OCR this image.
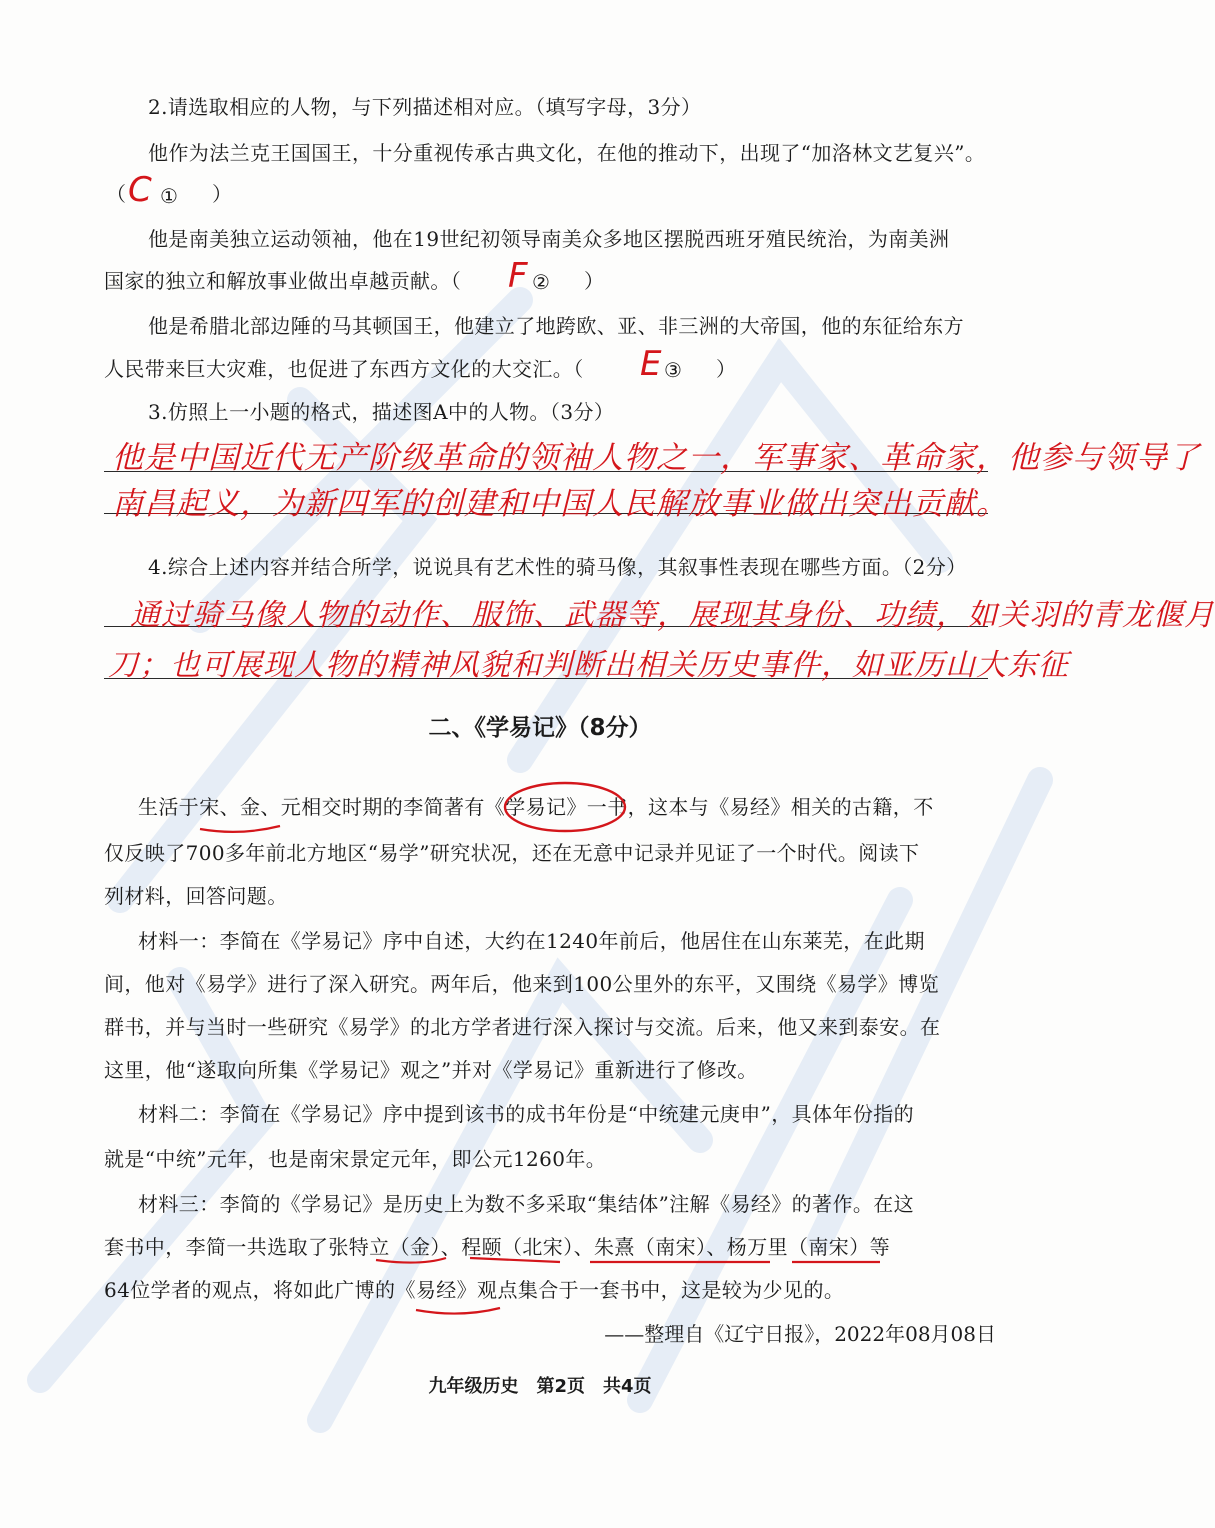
2.请选取相应的人物，与下列描述相对应。（填写字母，3分）
他作为法兰克王国国王，十分重视传承古典文化，在他的推动下，出现了“加洛林文艺复兴”。
（ C ① ）
他是南美独立运动领袖，他在19世纪初领导南美众多地区摆脱西班牙殖民统治，为南美洲
国家的独立和解放事业做出卓越贡献。（ F ② ）
他是希腊北部边陲的马其顿国王，他建立了地跨欧、亚、非三洲的大帝国，他的东征给东方
人民带来巨大灾难，也促进了东西方文化的大交汇。（ E ③ ）
3.仿照上一小题的格式，描述图A中的人物。（3分）
他是中国近代无产阶级革命的领袖人物之一，军事家、革命家，他参与领导了
南昌起义，为新四军的创建和中国人民解放事业做出突出贡献。
4.综合上述内容并结合所学，说说具有艺术性的骑马像，其叙事性表现在哪些方面。（2分）
通过骑马像人物的动作、服饰、武器等，展现其身份、功绩，如关羽的青龙偃月
刀；也可展现人物的精神风貌和判断出相关历史事件，如亚历山大东征
二、《学易记》（8分）
生活于宋、金、元相交时期的李简著有《学易记》一书，这本与《易经》相关的古籍，不
仅反映了700多年前北方地区“易学”研究状况，还在无意中记录并见证了一个时代。阅读下
列材料，回答问题。
材料一：李简在《学易记》序中自述，大约在1240年前后，他居住在山东莱芜，在此期
间，他对《易学》进行了深入研究。两年后，他来到100公里外的东平，又围绕《易学》博览
群书，并与当时一些研究《易学》的北方学者进行深入探讨与交流。后来，他又来到泰安。在
这里，他“遂取向所集《学易记》观之”并对《学易记》重新进行了修改。
材料二：李简在《学易记》序中提到该书的成书年份是“中统建元庚申”，具体年份指的
就是“中统”元年，也是南宋景定元年，即公元1260年。
材料三：李简的《学易记》是历史上为数不多采取“集结体”注解《易经》的著作。在这
套书中，李简一共选取了张特立（金）、程颐（北宋）、朱熹（南宋）、杨万里（南宋）等
64位学者的观点，将如此广博的《易经》观点集合于一套书中，这是较为少见的。
——整理自《辽宁日报》，2022年08月08日
九年级历史　第2页　共4页
